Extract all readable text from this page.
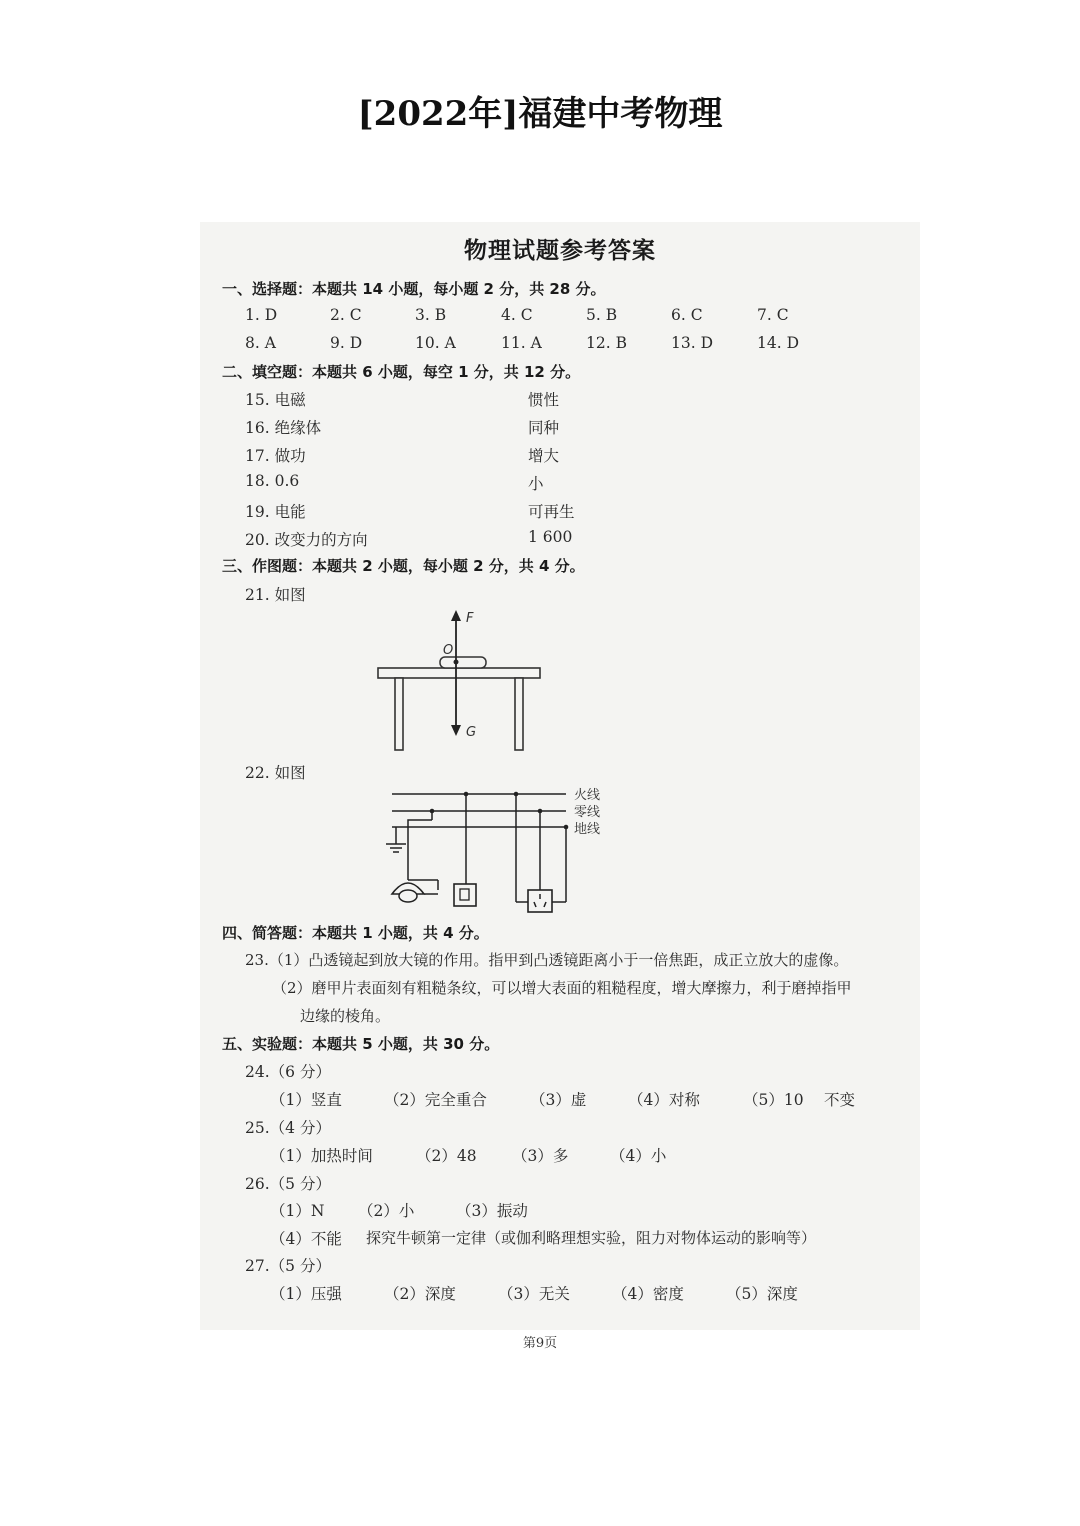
[2022年]福建中考物理
物理试题参考答案
一、选择题：本题共 14 小题，每小题 2 分，共 28 分。
1. D	2. C	3. B	4. C	5. B	6. C	7. C
8. A	9. D	10. A	11. A	12. B	13. D	14. D
二、填空题：本题共 6 小题，每空 1 分，共 12 分。
15. 电磁	惯性
16. 绝缘体	同种
17. 做功	增大
18. 0.6	小
19. 电能	可再生
20. 改变力的方向	1 600
三、作图题：本题共 2 小题，每小题 2 分，共 4 分。
21. 如图
F
O
G
22. 如图
火线
零线
地线
四、简答题：本题共 1 小题，共 4 分。
23.（1）凸透镜起到放大镜的作用。指甲到凸透镜距离小于一倍焦距，成正立放大的虚像。
（2）磨甲片表面刻有粗糙条纹，可以增大表面的粗糙程度，增大摩擦力，利于磨掉指甲
边缘的棱角。
五、实验题：本题共 5 小题，共 30 分。
24.（6 分）
（1）竖直	（2）完全重合	（3）虚	（4）对称	（5）10 不变
25.（4 分）
（1）加热时间	（2）48 （3）多	（4）小
26.（5 分）
（1）N （2）小	（3）振动
（4）不能 探究牛顿第一定律（或伽利略理想实验，阻力对物体运动的影响等）
27.（5 分）
（1）压强	（2）深度	（3）无关	（4）密度	（5）深度
第9页
